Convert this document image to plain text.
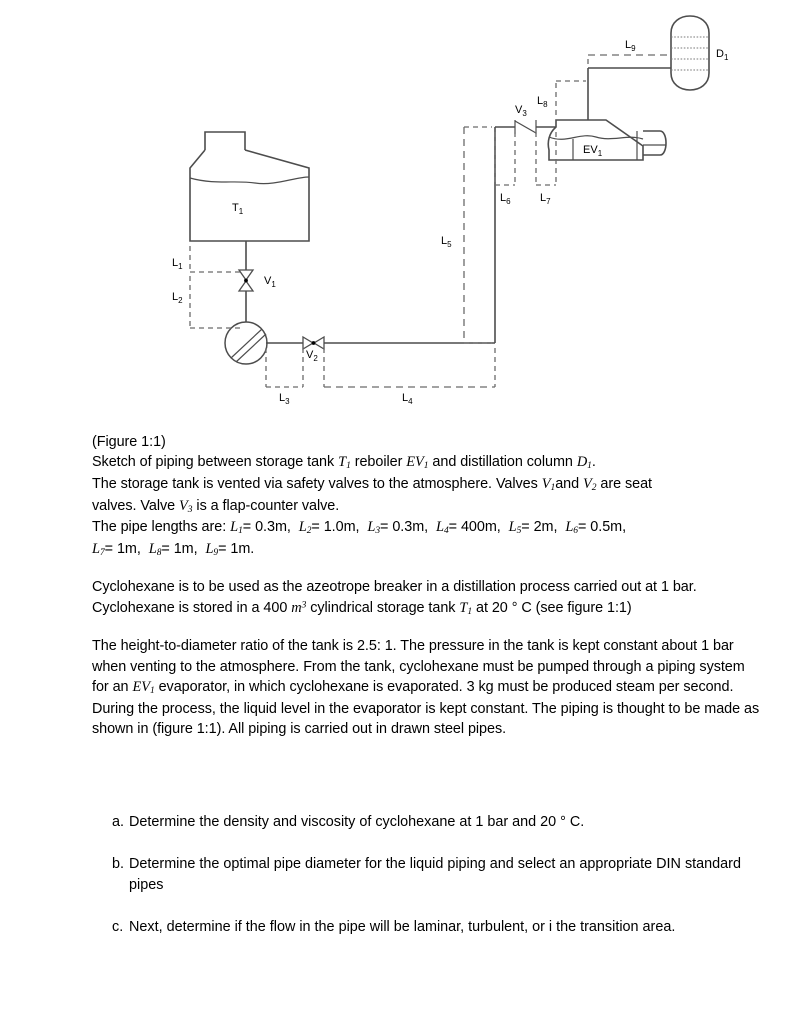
$T_1$
$V_1$
$V_2$
$V_3$
$EV_1$
$D_1$
$L_1$
$L_2$
$L_3$	$L_4$
$L_5$
$L_6$	$L_7$
$L_8$
$L_9$

(Figure 1:1)

Sketch of piping between storage tank T1 reboiler EV1 and distillation column D1.

The storage tank is vented via safety valves to the atmosphere. Valves V1and V2 are seat

valves. Valve V3 is a flap-counter valve.

The pipe lengths are: L1= 0.3m,  L2= 1.0m,  L3= 0.3m,  L4= 400m,  L5= 2m,  L6= 0.5m,

L7= 1m,  L8= 1m,  L9= 1m.

Cyclohexane is to be used as the azeotrope breaker in a distillation process carried out at 1 bar. Cyclohexane is stored in a 400 $m^3$ cylindrical storage tank T1 at 20 ° C (see figure 1:1)

The height-to-diameter ratio of the tank is 2.5: 1. The pressure in the tank is kept constant about 1 bar when venting to the atmosphere. From the tank, cyclohexane must be pumped through a piping system for an EV1 evaporator, in which cyclohexane is evaporated. 3 kg must be produced steam per second. During the process, the liquid level in the evaporator is kept constant. The piping is thought to be made as shown in (figure 1:1). All piping is carried out in drawn steel pipes.

a. Determine the density and viscosity of cyclohexane at 1 bar and 20 ° C.
b. Determine the optimal pipe diameter for the liquid piping and select an appropriate DIN standard pipes
c. Next, determine if the flow in the pipe will be laminar, turbulent, or i the transition area.
